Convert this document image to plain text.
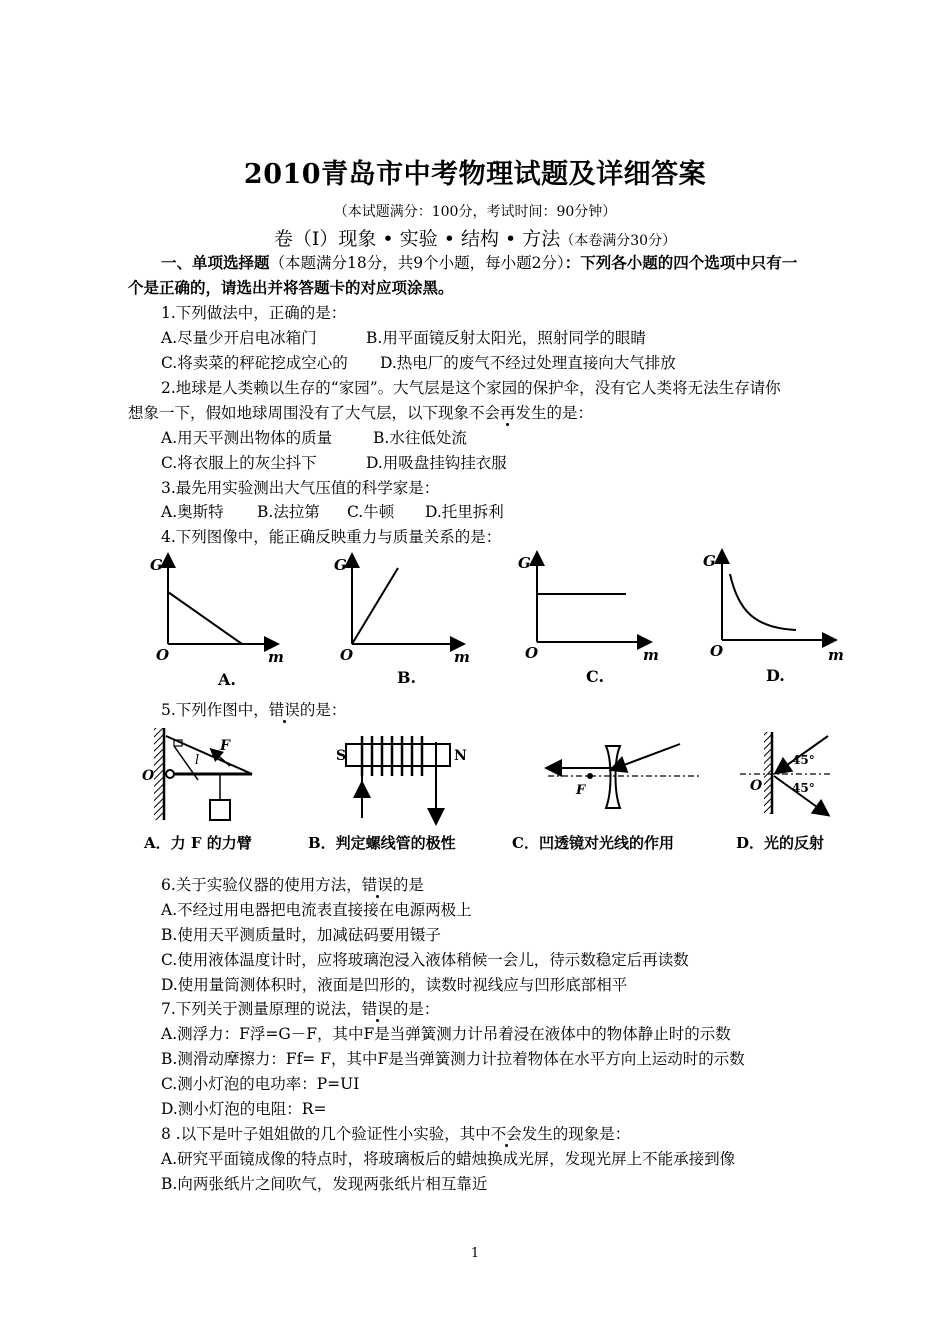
2010青岛市中考物理试题及详细答案
（本试题满分：100分，考试时间：90分钟）
卷（I）现象 • 实验 • 结构 • 方法（本卷满分30分）
一、单项选择题（本题满分18分，共9个小题，每小题2分）：下列各小题的四个选项中只有一
个是正确的，请选出并将答题卡的对应项涂黑。
1.下列做法中，正确的是：
A.尽量少开启电冰箱门	B.用平面镜反射太阳光，照射同学的眼睛
C.将卖菜的秤砣挖成空心的 D.热电厂的废气不经过处理直接向大气排放
2.地球是人类赖以生存的“家园”。大气层是这个家园的保护伞，没有它人类将无法生存请你
想象一下，假如地球周围没有了大气层，以下现象不会再发生的是：
A.用天平测出物体的质量	B.水往低处流
C.将衣服上的灰尘抖下	D.用吸盘挂钩挂衣服
3.最先用实验测出大气压值的科学家是：
A.奥斯特 B.法拉第 C.牛顿 D.托里拆利
4.下列图像中，能正确反映重力与质量关系的是：
G
O	m
A.
G
O	m
B.
G
O	m
C.
G
O	m
D.
5.下列作图中，错误的是：
F
l
O
S	N
F
45°
45°
O
A．力 F 的力臂	B．判定螺线管的极性	C．凹透镜对光线的作用	D．光的反射
6.关于实验仪器的使用方法，错误的是
A.不经过用电器把电流表直接接在电源两极上
B.使用天平测质量时，加减砝码要用镊子
C.使用液体温度计时，应将玻璃泡浸入液体稍候一会儿，待示数稳定后再读数
D.使用量筒测体积时，液面是凹形的，读数时视线应与凹形底部相平
7.下列关于测量原理的说法，错误的是：
A.测浮力：F浮=G－F，其中F是当弹簧测力计吊着浸在液体中的物体静止时的示数
B.测滑动摩擦力：Ff= F，其中F是当弹簧测力计拉着物体在水平方向上运动时的示数
C.测小灯泡的电功率：P=UI
D.测小灯泡的电阻：R=
8 .以下是叶子姐姐做的几个验证性小实验，其中不会发生的现象是：
A.研究平面镜成像的特点时，将玻璃板后的蜡烛换成光屏，发现光屏上不能承接到像
B.向两张纸片之间吹气，发现两张纸片相互靠近
1
